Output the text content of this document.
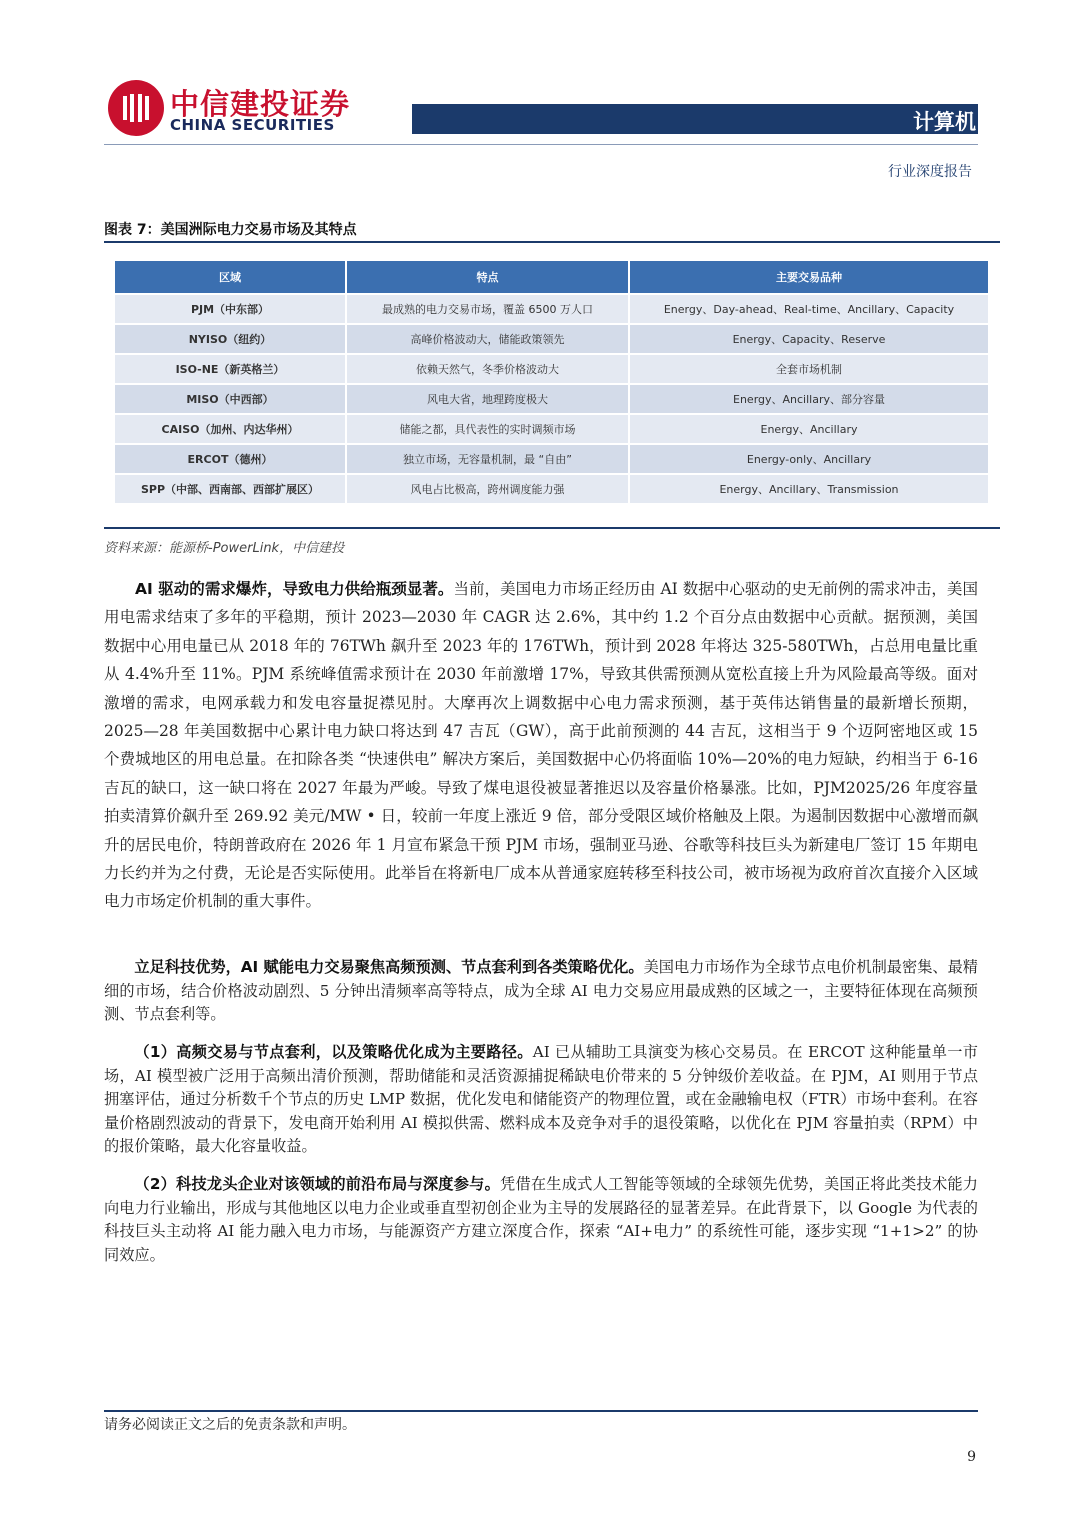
中信建投证券
CHINA SECURITIES	计算机
行业深度报告
图表 7：美国洲际电力交易市场及其特点
区域	特点	主要交易品种
PJM（中东部）	最成熟的电力交易市场，覆盖 6500 万人口	Energy、Day-ahead、Real-time、Ancillary、Capacity
NYISO（纽约）	高峰价格波动大，储能政策领先	Energy、Capacity、Reserve
ISO-NE（新英格兰）	依赖天然气，冬季价格波动大	全套市场机制
MISO（中西部）	风电大省，地理跨度极大	Energy、Ancillary、部分容量
CAISO（加州、内达华州）	储能之都，具代表性的实时调频市场	Energy、Ancillary
ERCOT（德州）	独立市场，无容量机制，最 “自由”	Energy-only、Ancillary
SPP（中部、西南部、西部扩展区）	风电占比极高，跨州调度能力强	Energy、Ancillary、Transmission
资料来源：能源桥-PowerLink，中信建投
AI 驱动的需求爆炸，导致电力供给瓶颈显著。当前，美国电力市场正经历由 AI 数据中心驱动的史无前例的需求冲击，美国用电需求结束了多年的平稳期，预计 2023—2030 年 CAGR 达 2.6%，其中约 1.2 个百分点由数据中心贡献。据预测，美国数据中心用电量已从 2018 年的 76TWh 飙升至 2023 年的 176TWh，预计到 2028 年将达 325-580TWh，占总用电量比重从 4.4%升至 11%。PJM 系统峰值需求预计在 2030 年前激增 17%，导致其供需预测从宽松直接上升为风险最高等级。面对激增的需求，电网承载力和发电容量捉襟见肘。大摩再次上调数据中心电力需求预测，基于英伟达销售量的最新增长预期，2025—28 年美国数据中心累计电力缺口将达到 47 吉瓦（GW），高于此前预测的 44 吉瓦，这相当于 9 个迈阿密地区或 15 个费城地区的用电总量。在扣除各类 “快速供电” 解决方案后，美国数据中心仍将面临 10%—20%的电力短缺，约相当于 6-16 吉瓦的缺口，这一缺口将在 2027 年最为严峻。导致了煤电退役被显著推迟以及容量价格暴涨。比如，PJM2025/26 年度容量拍卖清算价飙升至 269.92 美元/MW • 日，较前一年度上涨近 9 倍，部分受限区域价格触及上限。为遏制因数据中心激增而飙升的居民电价，特朗普政府在 2026 年 1 月宣布紧急干预 PJM 市场，强制亚马逊、谷歌等科技巨头为新建电厂签订 15 年期电力长约并为之付费，无论是否实际使用。此举旨在将新电厂成本从普通家庭转移至科技公司，被市场视为政府首次直接介入区域电力市场定价机制的重大事件。
立足科技优势，AI 赋能电力交易聚焦高频预测、节点套利到各类策略优化。美国电力市场作为全球节点电价机制最密集、最精细的市场，结合价格波动剧烈、5 分钟出清频率高等特点，成为全球 AI 电力交易应用最成熟的区域之一，主要特征体现在高频预测、节点套利等。
（1）高频交易与节点套利，以及策略优化成为主要路径。AI 已从辅助工具演变为核心交易员。在 ERCOT 这种能量单一市场，AI 模型被广泛用于高频出清价预测，帮助储能和灵活资源捕捉稀缺电价带来的 5 分钟级价差收益。在 PJM，AI 则用于节点拥塞评估，通过分析数千个节点的历史 LMP 数据，优化发电和储能资产的物理位置，或在金融输电权（FTR）市场中套利。在容量价格剧烈波动的背景下，发电商开始利用 AI 模拟供需、燃料成本及竞争对手的退役策略，以优化在 PJM 容量拍卖（RPM）中的报价策略，最大化容量收益。
（2）科技龙头企业对该领域的前沿布局与深度参与。凭借在生成式人工智能等领域的全球领先优势，美国正将此类技术能力向电力行业输出，形成与其他地区以电力企业或垂直型初创企业为主导的发展路径的显著差异。在此背景下，以 Google 为代表的科技巨头主动将 AI 能力融入电力市场，与能源资产方建立深度合作，探索 “AI+电力” 的系统性可能，逐步实现 “1+1>2” 的协同效应。
请务必阅读正文之后的免责条款和声明。
9
